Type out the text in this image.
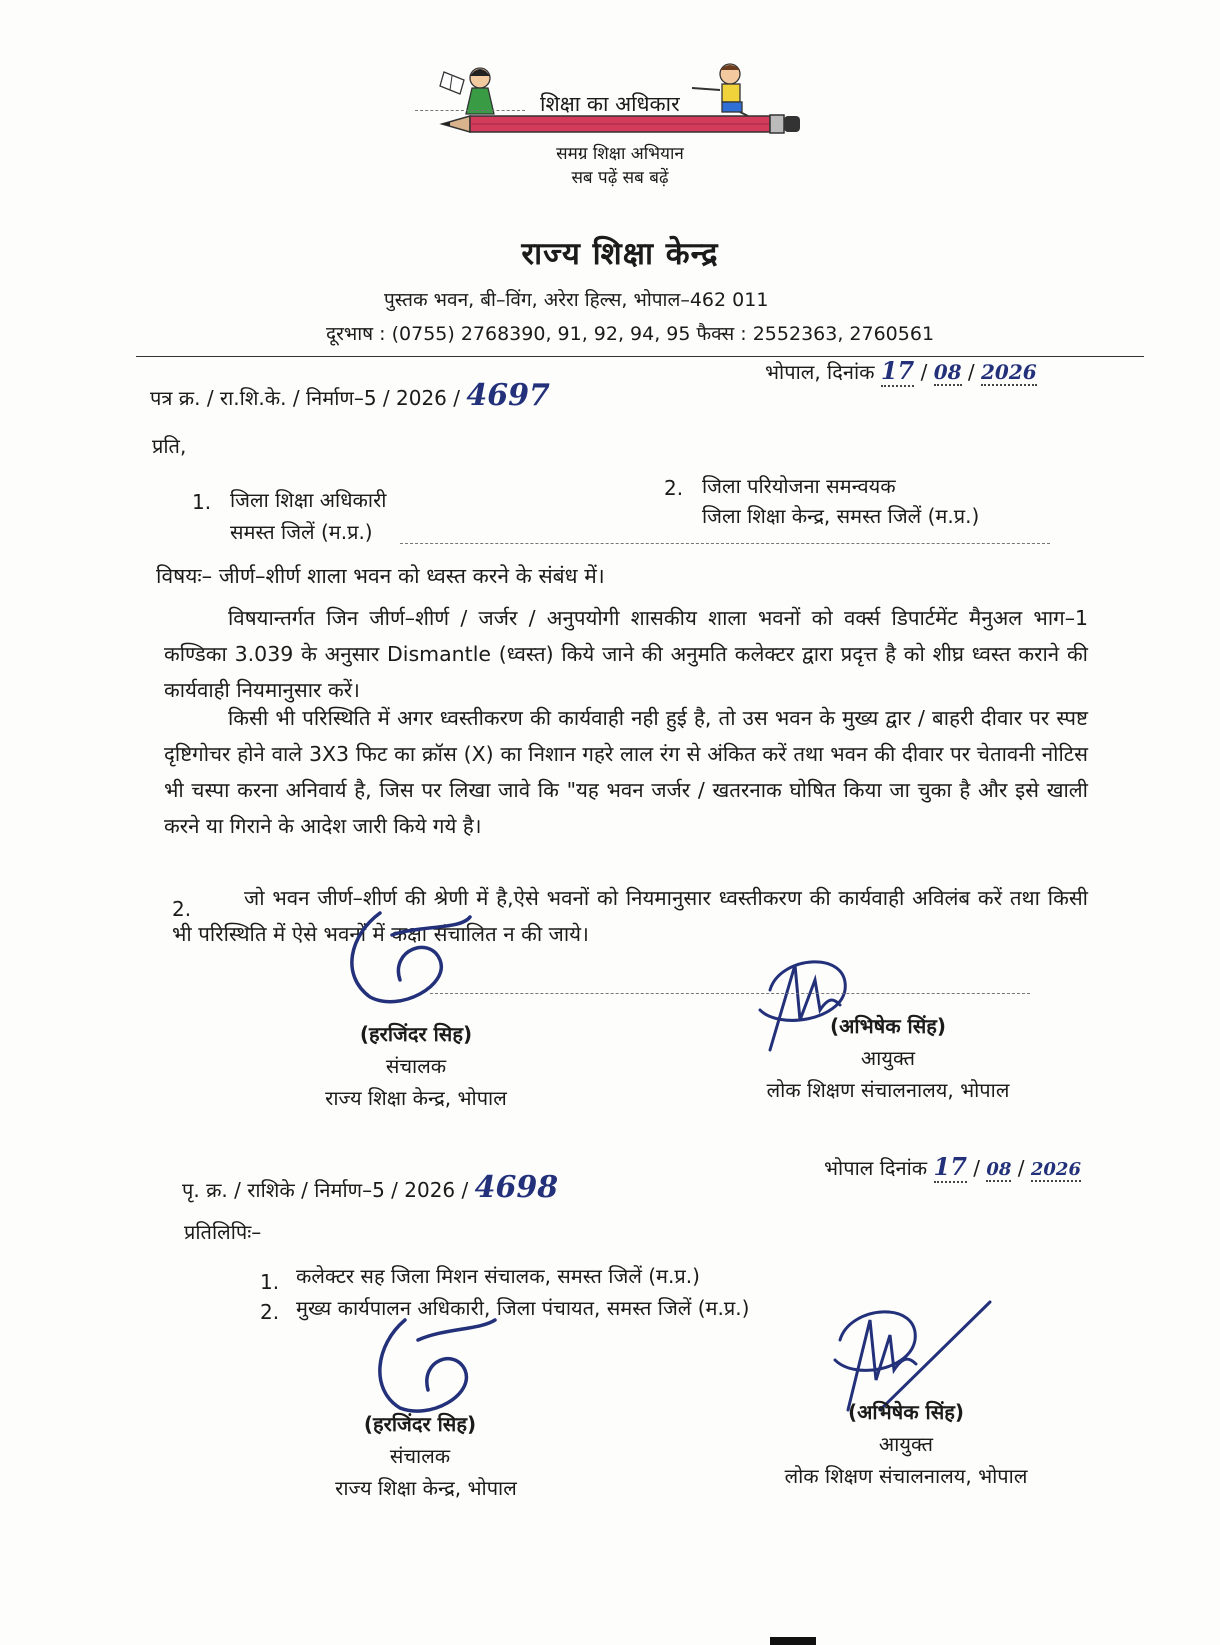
शिक्षा का अधिकार
समग्र शिक्षा अभियान
सब पढ़ें सब बढ़ें
राज्य शिक्षा केन्द्र
पुस्तक भवन, बी–विंग, अरेरा हिल्स, भोपाल–462 011
दूरभाष : (0755) 2768390, 91, 92, 94, 95 फैक्स : 2552363, 2760561
पत्र क्र. / रा.शि.के. / निर्माण–5 / 2026 / 4697
भोपाल, दिनांक 17 / 08 / 2026
प्रति,
1. जिला शिक्षा अधिकारी
समस्त जिलें (म.प्र.)
2. जिला परियोजना समन्वयक
जिला शिक्षा केन्द्र, समस्त जिलें (म.प्र.)
विषयः– जीर्ण–शीर्ण शाला भवन को ध्वस्त करने के संबंध में।
विषयान्तर्गत जिन जीर्ण–शीर्ण / जर्जर / अनुपयोगी शासकीय शाला भवनों को वर्क्स डिपार्टमेंट मैनुअल भाग–1 कण्डिका 3.039 के अनुसार Dismantle (ध्वस्त) किये जाने की अनुमति कलेक्टर द्वारा प्रदृत्त है को शीघ्र ध्वस्त कराने की कार्यवाही नियमानुसार करें।
किसी भी परिस्थिति में अगर ध्वस्तीकरण की कार्यवाही नही हुई है, तो उस भवन के मुख्य द्वार / बाहरी दीवार पर स्पष्ट दृष्टिगोचर होने वाले 3X3 फिट का क्रॉस (X) का निशान गहरे लाल रंग से अंकित करें तथा भवन की दीवार पर चेतावनी नोटिस भी चस्पा करना अनिवार्य है, जिस पर लिखा जावे कि "यह भवन जर्जर / खतरनाक घोषित किया जा चुका है और इसे खाली करने या गिराने के आदेश जारी किये गये है।
2.	जो भवन जीर्ण–शीर्ण की श्रेणी में है,ऐसे भवनों को नियमानुसार ध्वस्तीकरण की कार्यवाही अविलंब करें तथा किसी भी परिस्थिति में ऐसे भवनों में कक्षा संचालित न की जाये।
(हरजिंदर सिह)
संचालक
राज्य शिक्षा केन्द्र, भोपाल
(अभिषेक सिंह)
आयुक्त
लोक शिक्षण संचालनालय, भोपाल
पृ. क्र. / राशिके / निर्माण–5 / 2026 / 4698
भोपाल दिनांक 17 / 08 / 2026
प्रतिलिपिः–
1. कलेक्टर सह जिला मिशन संचालक, समस्त जिलें (म.प्र.)
2. मुख्य कार्यपालन अधिकारी, जिला पंचायत, समस्त जिलें (म.प्र.)
(हरजिंदर सिह)
संचालक
राज्य शिक्षा केन्द्र, भोपाल
(अभिषेक सिंह)
आयुक्त
लोक शिक्षण संचालनालय, भोपाल
